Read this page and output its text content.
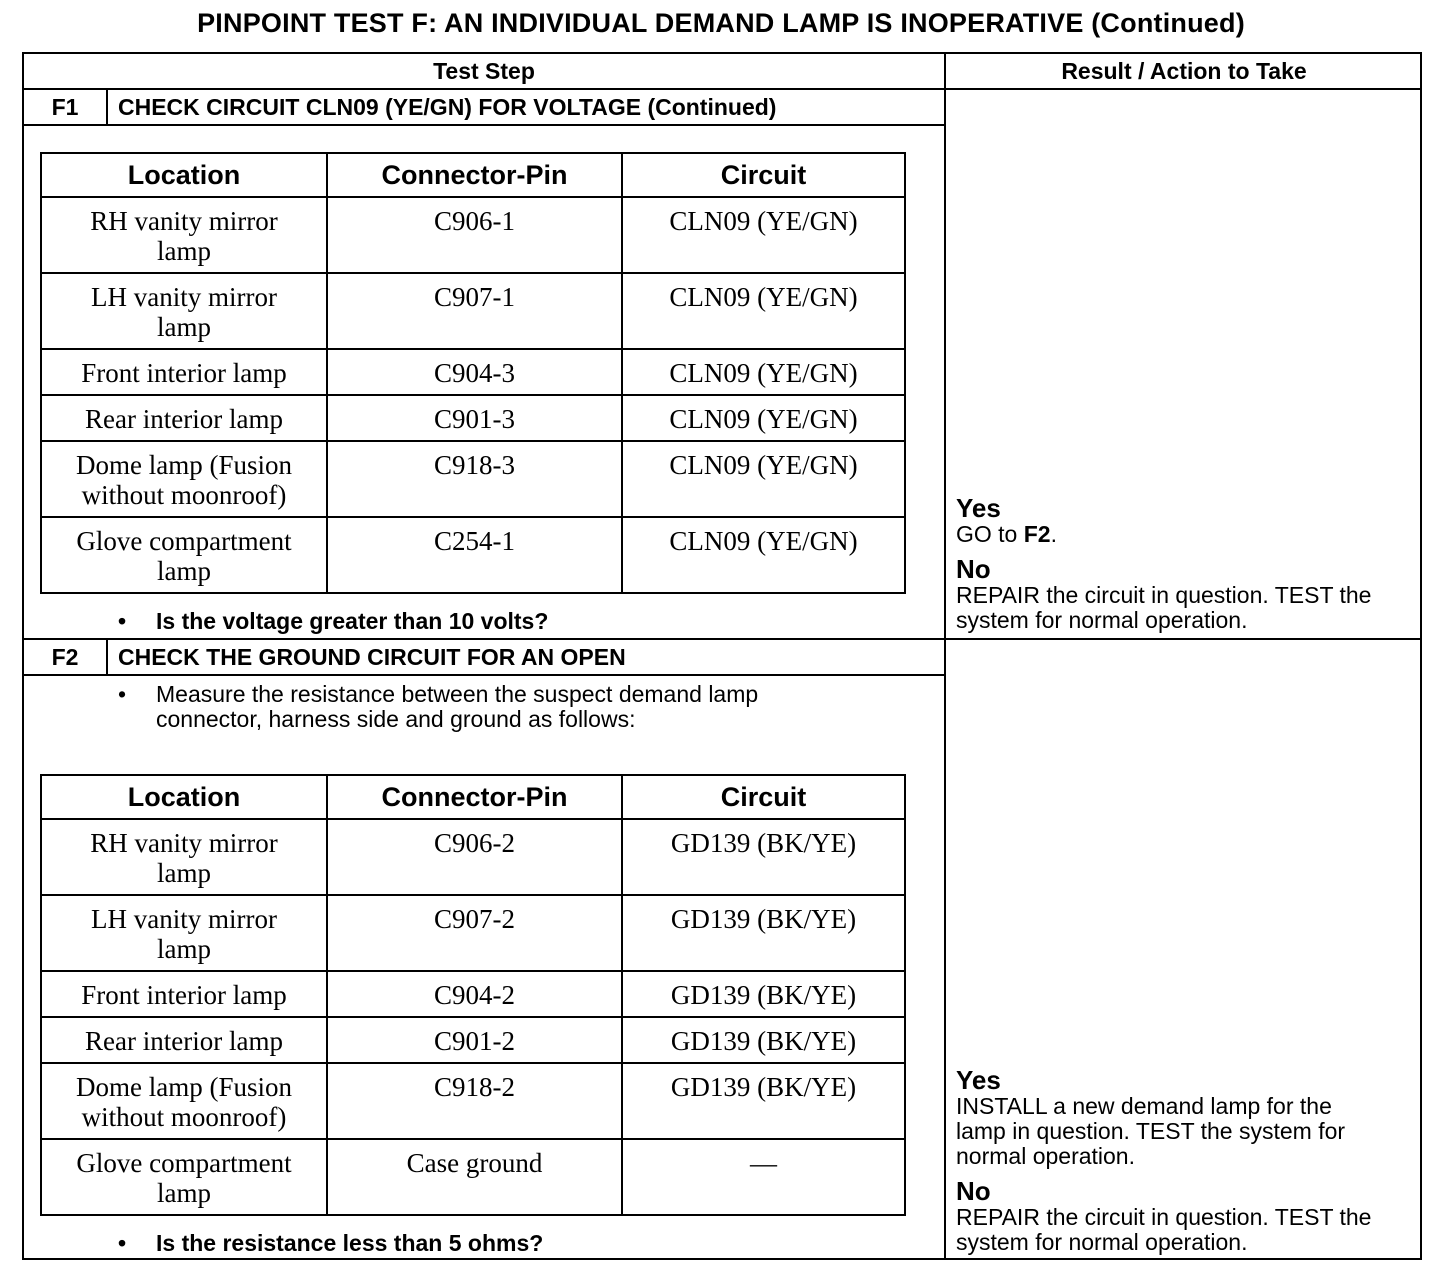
PINPOINT TEST F: AN INDIVIDUAL DEMAND LAMP IS INOPERATIVE (Continued)
Test Step	Result / Action to Take
F1	CHECK CIRCUIT CLN09 (YE/GN) FOR VOLTAGE (Continued)
Location	Connector-Pin	Circuit
RH vanity mirror
lamp	C906-1	CLN09 (YE/GN)
LH vanity mirror
lamp	C907-1	CLN09 (YE/GN)
Front interior lamp	C904-3	CLN09 (YE/GN)
Rear interior lamp	C901-3	CLN09 (YE/GN)
Dome lamp (Fusion
without moonroof)	C918-3	CLN09 (YE/GN)
Glove compartment
lamp	C254-1	CLN09 (YE/GN)
• Is the voltage greater than 10 volts?
Yes
GO to F2.
No
REPAIR the circuit in question. TEST the
system for normal operation.
F2	CHECK THE GROUND CIRCUIT FOR AN OPEN
• Measure the resistance between the suspect demand lamp
connector, harness side and ground as follows:
Location	Connector-Pin	Circuit
RH vanity mirror
lamp	C906-2	GD139 (BK/YE)
LH vanity mirror
lamp	C907-2	GD139 (BK/YE)
Front interior lamp	C904-2	GD139 (BK/YE)
Rear interior lamp	C901-2	GD139 (BK/YE)
Dome lamp (Fusion
without moonroof)	C918-2	GD139 (BK/YE)
Glove compartment
lamp	Case ground	—
• Is the resistance less than 5 ohms?
Yes
INSTALL a new demand lamp for the
lamp in question. TEST the system for
normal operation.
No
REPAIR the circuit in question. TEST the
system for normal operation.
